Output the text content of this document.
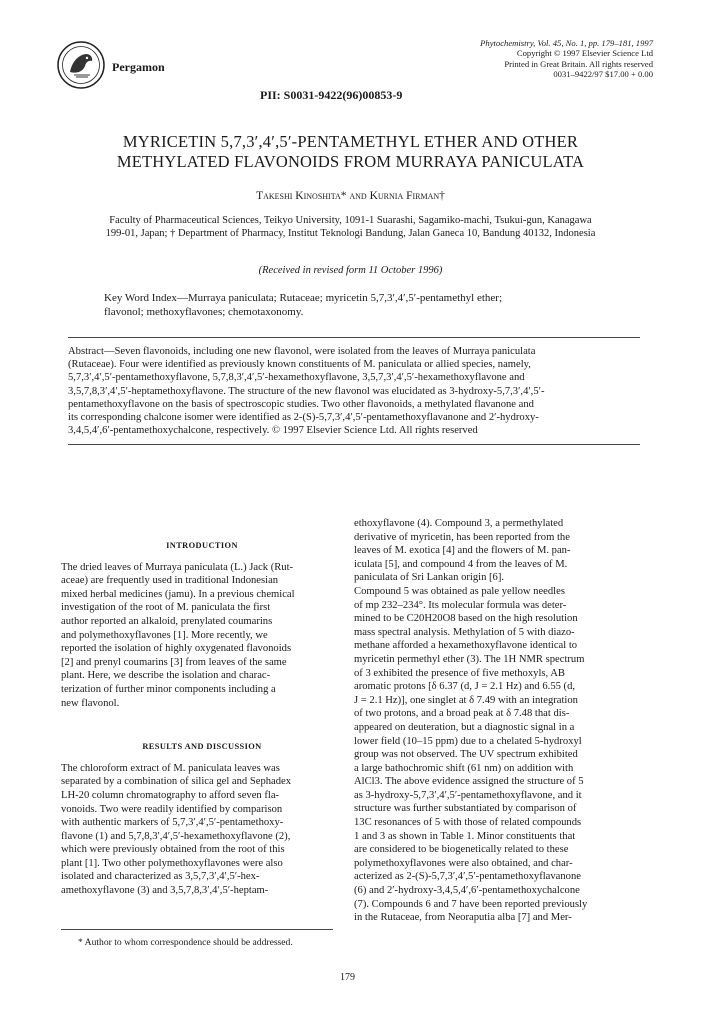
Pergamon
PII: S0031-9422(96)00853-9
Phytochemistry, Vol. 45, No. 1, pp. 179–181, 1997
Copyright © 1997 Elsevier Science Ltd
Printed in Great Britain. All rights reserved
0031–9422/97 $17.00 + 0.00
MYRICETIN 5,7,3′,4′,5′-PENTAMETHYL ETHER AND OTHER
METHYLATED FLAVONOIDS FROM MURRAYA PANICULATA
Takeshi Kinoshita* and Kurnia Firman†
Faculty of Pharmaceutical Sciences, Teikyo University, 1091-1 Suarashi, Sagamiko-machi, Tsukui-gun, Kanagawa
199-01, Japan; † Department of Pharmacy, Institut Teknologi Bandung, Jalan Ganeca 10, Bandung 40132, Indonesia
(Received in revised form 11 October 1996)
Key Word Index—Murraya paniculata; Rutaceae; myricetin 5,7,3′,4′,5′-pentamethyl ether;
flavonol; methoxyflavones; chemotaxonomy.
Abstract—Seven flavonoids, including one new flavonol, were isolated from the leaves of Murraya paniculata
(Rutaceae). Four were identified as previously known constituents of M. paniculata or allied species, namely,
5,7,3′,4′,5′-pentamethoxyflavone, 5,7,8,3′,4′,5′-hexamethoxyflavone, 3,5,7,3′,4′,5′-hexamethoxyflavone and
3,5,7,8,3′,4′,5′-heptamethoxyflavone. The structure of the new flavonol was elucidated as 3-hydroxy-5,7,3′,4′,5′-
pentamethoxyflavone on the basis of spectroscopic studies. Two other flavonoids, a methylated flavanone and
its corresponding chalcone isomer were identified as 2-(S)-5,7,3′,4′,5′-pentamethoxyflavanone and 2′-hydroxy-
3,4,5,4′,6′-pentamethoxychalcone, respectively. © 1997 Elsevier Science Ltd. All rights reserved
INTRODUCTION
The dried leaves of Murraya paniculata (L.) Jack (Rut-
aceae) are frequently used in traditional Indonesian
mixed herbal medicines (jamu). In a previous chemical
investigation of the root of M. paniculata the first
author reported an alkaloid, prenylated coumarins
and polymethoxyflavones [1]. More recently, we
reported the isolation of highly oxygenated flavonoids
[2] and prenyl coumarins [3] from leaves of the same
plant. Here, we describe the isolation and charac-
terization of further minor components including a
new flavonol.
RESULTS AND DISCUSSION
The chloroform extract of M. paniculata leaves was
separated by a combination of silica gel and Sephadex
LH-20 column chromatography to afford seven fla-
vonoids. Two were readily identified by comparison
with authentic markers of 5,7,3′,4′,5′-pentamethoxy-
flavone (1) and 5,7,8,3′,4′,5′-hexamethoxyflavone (2),
which were previously obtained from the root of this
plant [1]. Two other polymethoxyflavones were also
isolated and characterized as 3,5,7,3′,4′,5′-hex-
amethoxyflavone (3) and 3,5,7,8,3′,4′,5′-heptam-
ethoxyflavone (4). Compound 3, a permethylated
derivative of myricetin, has been reported from the
leaves of M. exotica [4] and the flowers of M. pan-
iculata [5], and compound 4 from the leaves of M.
paniculata of Sri Lankan origin [6].
Compound 5 was obtained as pale yellow needles
of mp 232–234°. Its molecular formula was deter-
mined to be C20H20O8 based on the high resolution
mass spectral analysis. Methylation of 5 with diazo-
methane afforded a hexamethoxyflavone identical to
myricetin permethyl ether (3). The 1H NMR spectrum
of 3 exhibited the presence of five methoxyls, AB
aromatic protons [δ 6.37 (d, J = 2.1 Hz) and 6.55 (d,
J = 2.1 Hz)], one singlet at δ 7.49 with an integration
of two protons, and a broad peak at δ 7.48 that dis-
appeared on deuteration, but a diagnostic signal in a
lower field (10–15 ppm) due to a chelated 5-hydroxyl
group was not observed. The UV spectrum exhibited
a large bathochromic shift (61 nm) on addition with
AlCl3. The above evidence assigned the structure of 5
as 3-hydroxy-5,7,3′,4′,5′-pentamethoxyflavone, and it
structure was further substantiated by comparison of
13C resonances of 5 with those of related compounds
1 and 3 as shown in Table 1. Minor constituents that
are considered to be biogenetically related to these
polymethoxyflavones were also obtained, and char-
acterized as 2-(S)-5,7,3′,4′,5′-pentamethoxyflavanone
(6) and 2′-hydroxy-3,4,5,4′,6′-pentamethoxychalcone
(7). Compounds 6 and 7 have been reported previously
in the Rutaceae, from Neoraputia alba [7] and Mer-
* Author to whom correspondence should be addressed.
179
